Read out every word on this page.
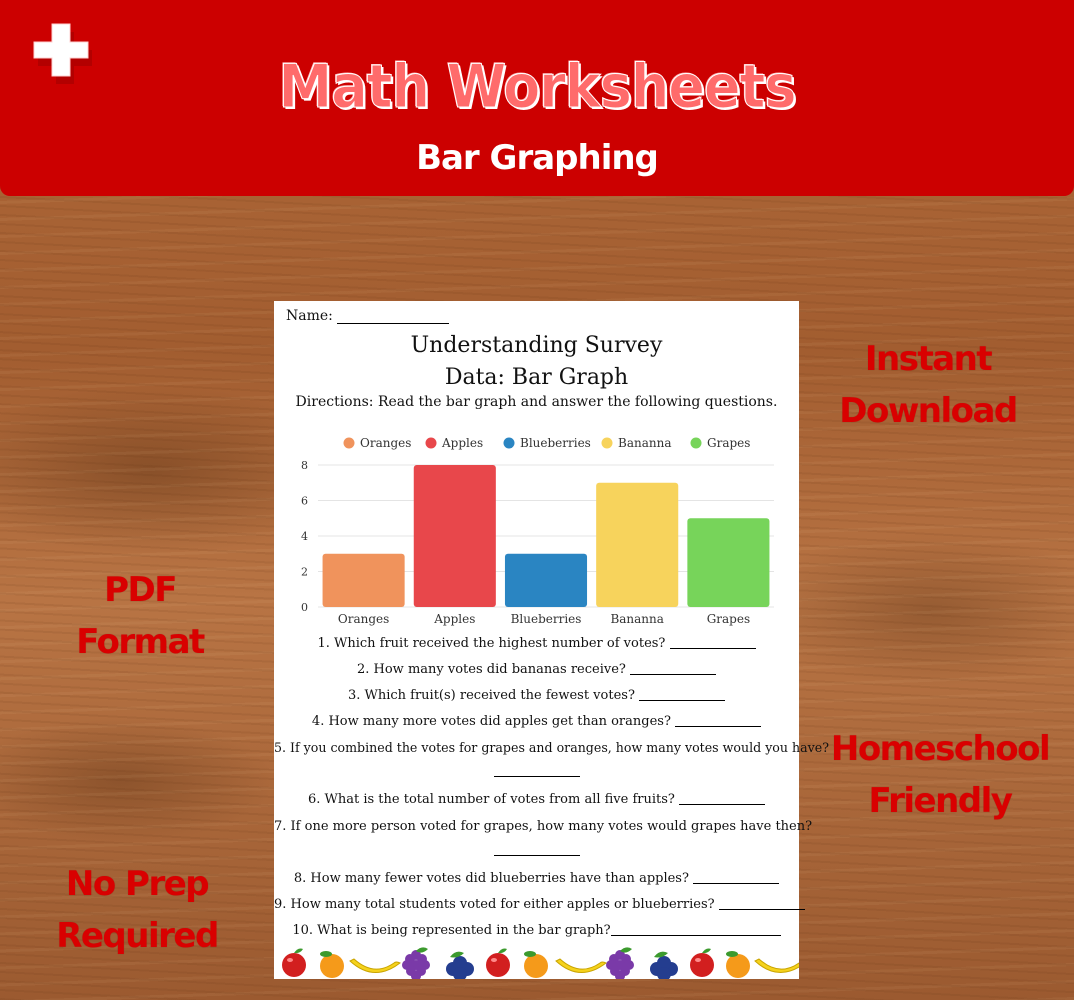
Math Worksheets
Bar Graphing
Instant
Download
PDF Format
Homeschool
Friendly
No Prep
Required
Name:
Understanding Survey
Data: Bar Graph
Directions: Read the bar graph and answer the following questions.
Oranges	Apples	Blueberries Bananna	Grapes
0
2
4
6
8
Oranges	Apples	Blueberries Bananna	Grapes
1. Which fruit received the highest number of votes?
2. How many votes did bananas receive?
3. Which fruit(s) received the fewest votes?
4. How many more votes did apples get than oranges?
5. If you combined the votes for grapes and oranges, how many votes would you have?
6. What is the total number of votes from all five fruits?
7. If one more person voted for grapes, how many votes would grapes have then?
8. How many fewer votes did blueberries have than apples?
9. How many total students voted for either apples or blueberries?
10. What is being represented in the bar graph?
